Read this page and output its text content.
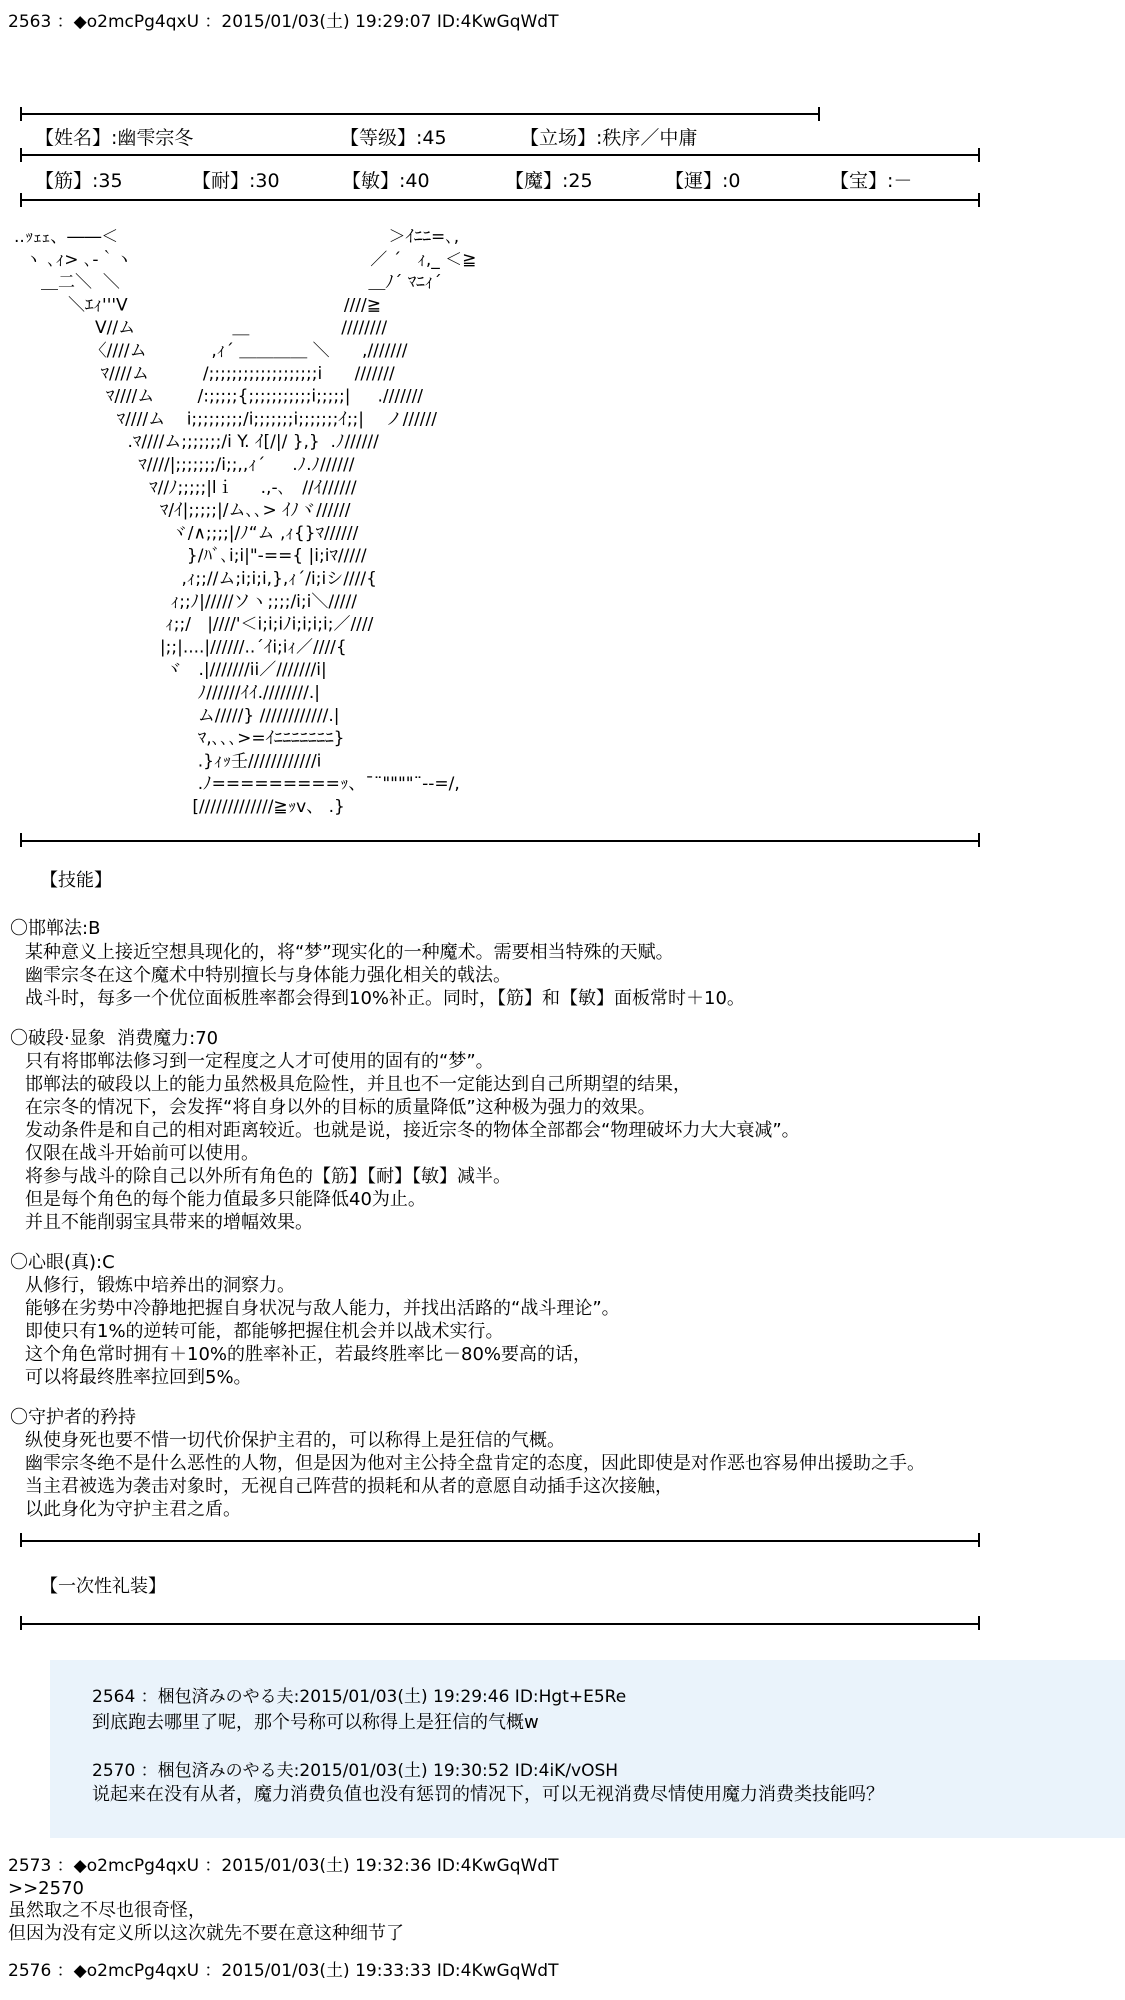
2563 ：◆o2mcPg4qxU ：2015/01/03(土) 19:29:07 ID:4KwGqWdT
【姓名】:幽雫宗冬	【等级】:45	【立场】:秩序／中庸
【筋】:35	【耐】:30	【敏】:40	【魔】:25	【運】:0	【宝】:－
..ｯｪｪ、――＜                                                  ＞ｲﾆﾆ=､,
ヽ ､ｨ> ､-｀ヽ                                            ／ ´   ｨ,_ ＜≧
＿二＼  ＼                                              ＿ﾉ´ ﾏﾆｨ´
＼ｴｨ'''V                                        ////≧
V//ム                  ＿                 ////////
〈////ム            ,ｨ´ ＿＿＿＿ ＼      ,///////
ﾏ////ム          /;;;;;;;;;;;;;;;;;;;i      ///////
ﾏ////ム        /:;;;;;{;;;;;;;;;;;i;;;;;|     .///////
ﾏ////ム    i;;;;;;;;;/i;;;;;;;i;;;;;;;ｲ;;|    ノ//////
.ﾏ////ム;;;;;;;/i Y. ｲ[/|/ },}  .ﾉ//////
ﾏ////|;;;;;;;/i;;,,ｨ´     .ﾉ.ﾉ//////
ﾏ//ﾉ;;;;;|lｉ     .,-､   //ｲ//////
ﾏ/ｲ|;;;;;|/ム､､> ｲﾉヾ//////
ヾ/∧;;;;|/ﾉ“ム ,ｨ{}ﾏ//////
}/ﾊﾞ､i;i|"-=={ |i;iﾏ/////
,ｨ;;//ム;i;i;i,},ｨ´/i;iシ////{
ｨ;;ﾉ|/////ソヽ;;;;/i;i＼/////
ｨ;;/   |////'＜i;i;iﾉi;i;i;i;／////
|;;|....|//////..´ｲi;iｨ／////{
ヾ   .|///////ii／///////i|
ﾉ//////ｲｲ.////////.|
ム/////} ////////////.|
ﾏ,､､､>=ｲﾆﾆﾆﾆﾆﾆﾆ}
.}ｨｯ壬////////////i
.ﾉ=========ｯ、¯¨""""¨--=/,
[/////////////≧ｯv、 .}
【技能】
〇邯郸法:B
某种意义上接近空想具现化的，将“梦”现实化的一种魔术。需要相当特殊的天赋。
幽雫宗冬在这个魔术中特别擅长与身体能力强化相关的戟法。
战斗时，每多一个优位面板胜率都会得到10%补正。同时，【筋】和【敏】面板常时＋10。
〇破段·显象  消费魔力:70
只有将邯郸法修习到一定程度之人才可使用的固有的“梦”。
邯郸法的破段以上的能力虽然极具危险性，并且也不一定能达到自己所期望的结果，
在宗冬的情况下，会发挥“将自身以外的目标的质量降低”这种极为强力的效果。
发动条件是和自己的相对距离较近。也就是说，接近宗冬的物体全部都会“物理破坏力大大衰减”。
仅限在战斗开始前可以使用。
将参与战斗的除自己以外所有角色的【筋】【耐】【敏】减半。
但是每个角色的每个能力值最多只能降低40为止。
并且不能削弱宝具带来的增幅效果。
〇心眼(真):C
从修行，锻炼中培养出的洞察力。
能够在劣势中冷静地把握自身状况与敌人能力，并找出活路的“战斗理论”。
即使只有1%的逆转可能，都能够把握住机会并以战术实行。
这个角色常时拥有＋10%的胜率补正，若最终胜率比－80%要高的话，
可以将最终胜率拉回到5%。
〇守护者的矜持
纵使身死也要不惜一切代价保护主君的，可以称得上是狂信的气概。
幽雫宗冬绝不是什么恶性的人物，但是因为他对主公持全盘肯定的态度，因此即使是对作恶也容易伸出援助之手。
当主君被选为袭击对象时，无视自己阵营的损耗和从者的意愿自动插手这次接触，
以此身化为守护主君之盾。
【一次性礼装】
2564 ：梱包済みのやる夫:2015/01/03(土) 19:29:46 ID:Hgt+E5Re
到底跑去哪里了呢，那个号称可以称得上是狂信的气概w
2570 ：梱包済みのやる夫:2015/01/03(土) 19:30:52 ID:4iK/vOSH
说起来在没有从者，魔力消费负值也没有惩罚的情况下，可以无视消费尽情使用魔力消费类技能吗？
2573 ：◆o2mcPg4qxU ：2015/01/03(土) 19:32:36 ID:4KwGqWdT
>>2570
虽然取之不尽也很奇怪，
但因为没有定义所以这次就先不要在意这种细节了
2576 ：◆o2mcPg4qxU ：2015/01/03(土) 19:33:33 ID:4KwGqWdT
